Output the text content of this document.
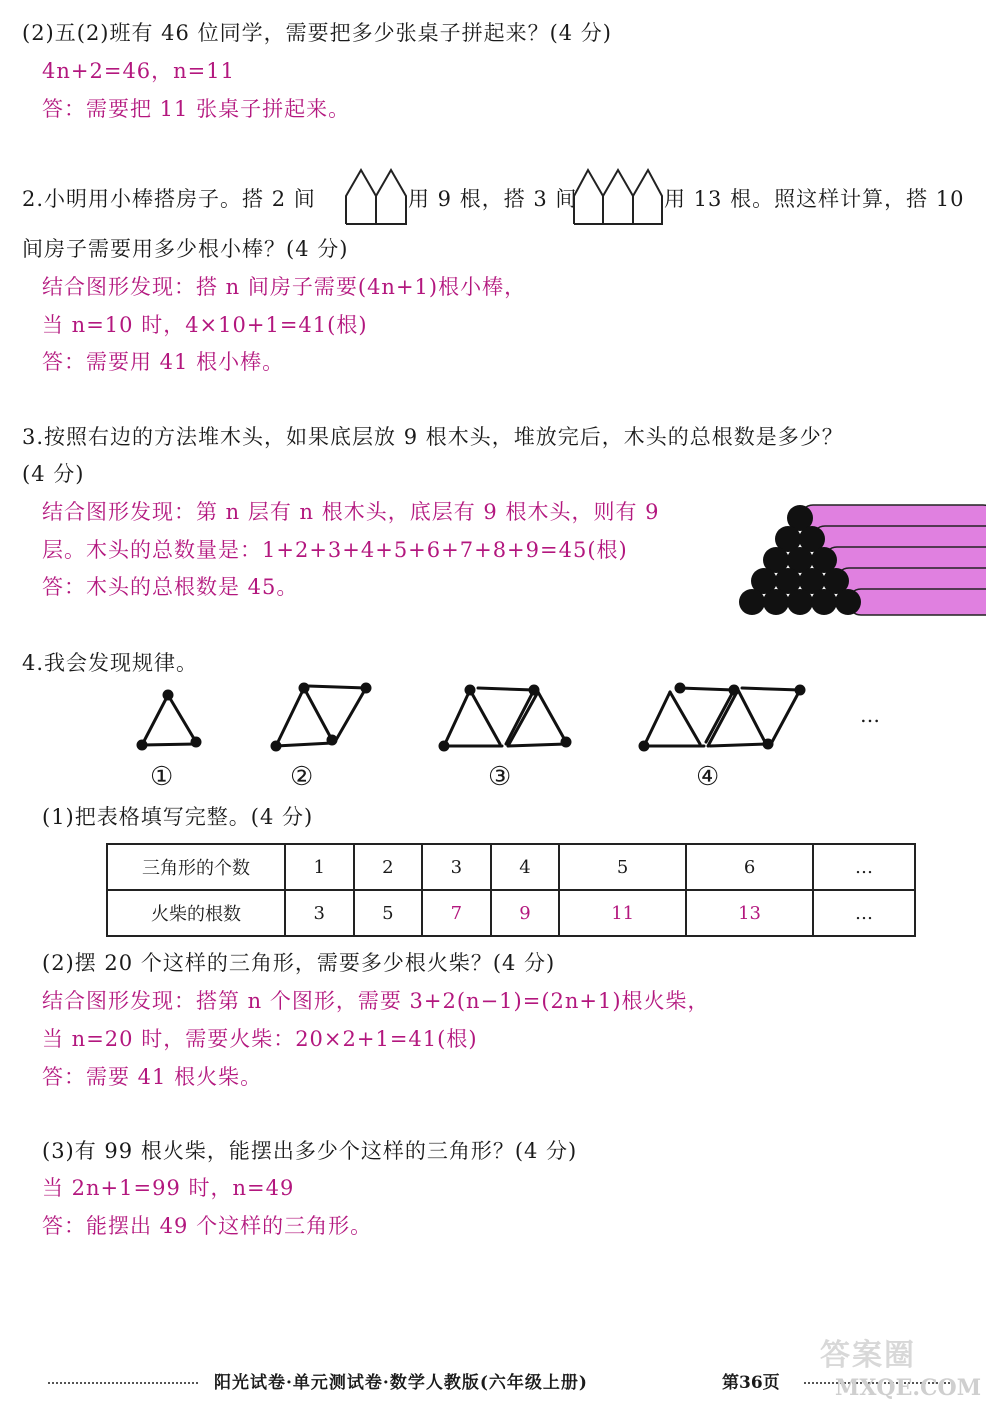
(2)五(2)班有 46 位同学，需要把多少张桌子拼起来？(4 分)
4n+2=46，n=11
答：需要把 11 张桌子拼起来。
2.小明用小棒搭房子。搭 2 间	用 9 根，搭 3 间	用 13 根。照这样计算，搭 10
间房子需要用多少根小棒？(4 分)
结合图形发现：搭 n 间房子需要(4n+1)根小棒，
当 n=10 时，4×10+1=41(根)
答：需要用 41 根小棒。
3.按照右边的方法堆木头，如果底层放 9 根木头，堆放完后，木头的总根数是多少？
(4 分)
结合图形发现：第 n 层有 n 根木头，底层有 9 根木头，则有 9
层。木头的总数量是：1+2+3+4+5+6+7+8+9=45(根)
答：木头的总根数是 45。
4.我会发现规律。
…
①	②	③	④
(1)把表格填写完整。(4 分)
三角形的个数	1	2	3	4	5	6	…
火柴的根数	3	5	7	9	11	13	…
(2)摆 20 个这样的三角形，需要多少根火柴？(4 分)
结合图形发现：搭第 n 个图形，需要 3+2(n−1)=(2n+1)根火柴，
当 n=20 时，需要火柴：20×2+1=41(根)
答：需要 41 根火柴。
(3)有 99 根火柴，能摆出多少个这样的三角形？(4 分)
当 2n+1=99 时，n=49
答：能摆出 49 个这样的三角形。
阳光试卷·单元测试卷·数学人教版(六年级上册)	第36页
答案圈
MXQE.COM
